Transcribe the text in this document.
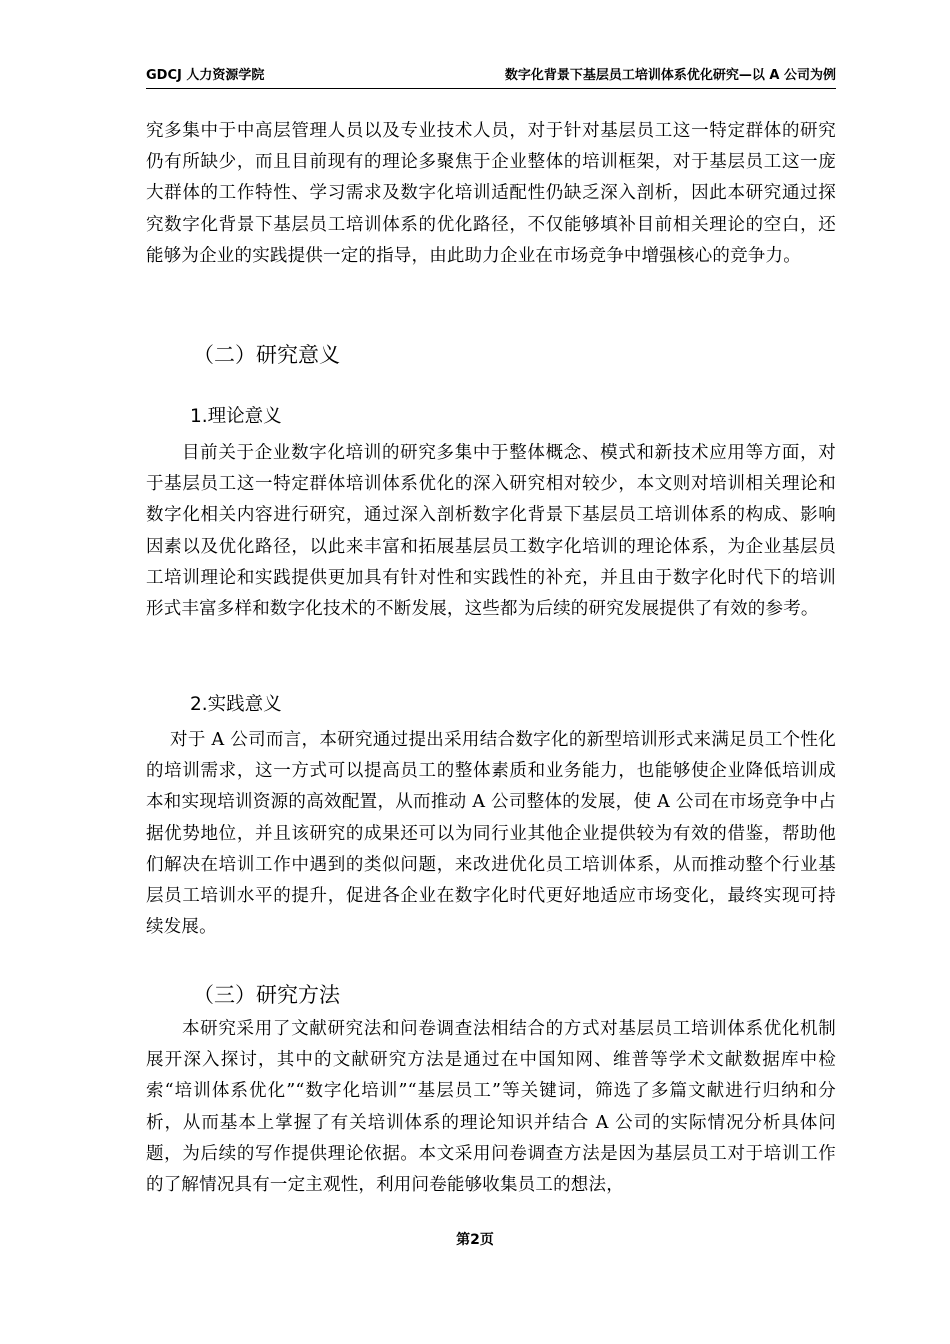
GDCJ 人力资源学院	数字化背景下基层员工培训体系优化研究—以 A 公司为例

究多集中于中高层管理人员以及专业技术人员，对于针对基层员工这一特定群体的研究仍有所缺少，而且目前现有的理论多聚焦于企业整体的培训框架，对于基层员工这一庞大群体的工作特性、学习需求及数字化培训适配性仍缺乏深入剖析，因此本研究通过探究数字化背景下基层员工培训体系的优化路径，不仅能够填补目前相关理论的空白，还能够为企业的实践提供一定的指导，由此助力企业在市场竞争中增强核心的竞争力。

（二）研究意义
1.理论意义

目前关于企业数字化培训的研究多集中于整体概念、模式和新技术应用等方面，对于基层员工这一特定群体培训体系优化的深入研究相对较少，本文则对培训相关理论和数字化相关内容进行研究，通过深入剖析数字化背景下基层员工培训体系的构成、影响因素以及优化路径，以此来丰富和拓展基层员工数字化培训的理论体系，为企业基层员工培训理论和实践提供更加具有针对性和实践性的补充，并且由于数字化时代下的培训形式丰富多样和数字化技术的不断发展，这些都为后续的研究发展提供了有效的参考。

2.实践意义

对于 A 公司而言，本研究通过提出采用结合数字化的新型培训形式来满足员工个性化的培训需求，这一方式可以提高员工的整体素质和业务能力，也能够使企业降低培训成本和实现培训资源的高效配置，从而推动 A 公司整体的发展，使 A 公司在市场竞争中占据优势地位，并且该研究的成果还可以为同行业其他企业提供较为有效的借鉴，帮助他们解决在培训工作中遇到的类似问题，来改进优化员工培训体系，从而推动整个行业基层员工培训水平的提升，促进各企业在数字化时代更好地适应市场变化，最终实现可持续发展。

（三）研究方法

本研究采用了文献研究法和问卷调查法相结合的方式对基层员工培训体系优化机制展开深入探讨，其中的文献研究方法是通过在中国知网、维普等学术文献数据库中检索“培训体系优化”“数字化培训”“基层员工”等关键词，筛选了多篇文献进行归纳和分析，从而基本上掌握了有关培训体系的理论知识并结合 A 公司的实际情况分析具体问题，为后续的写作提供理论依据。本文采用问卷调查方法是因为基层员工对于培训工作的了解情况具有一定主观性，利用问卷能够收集员工的想法，

第2页
